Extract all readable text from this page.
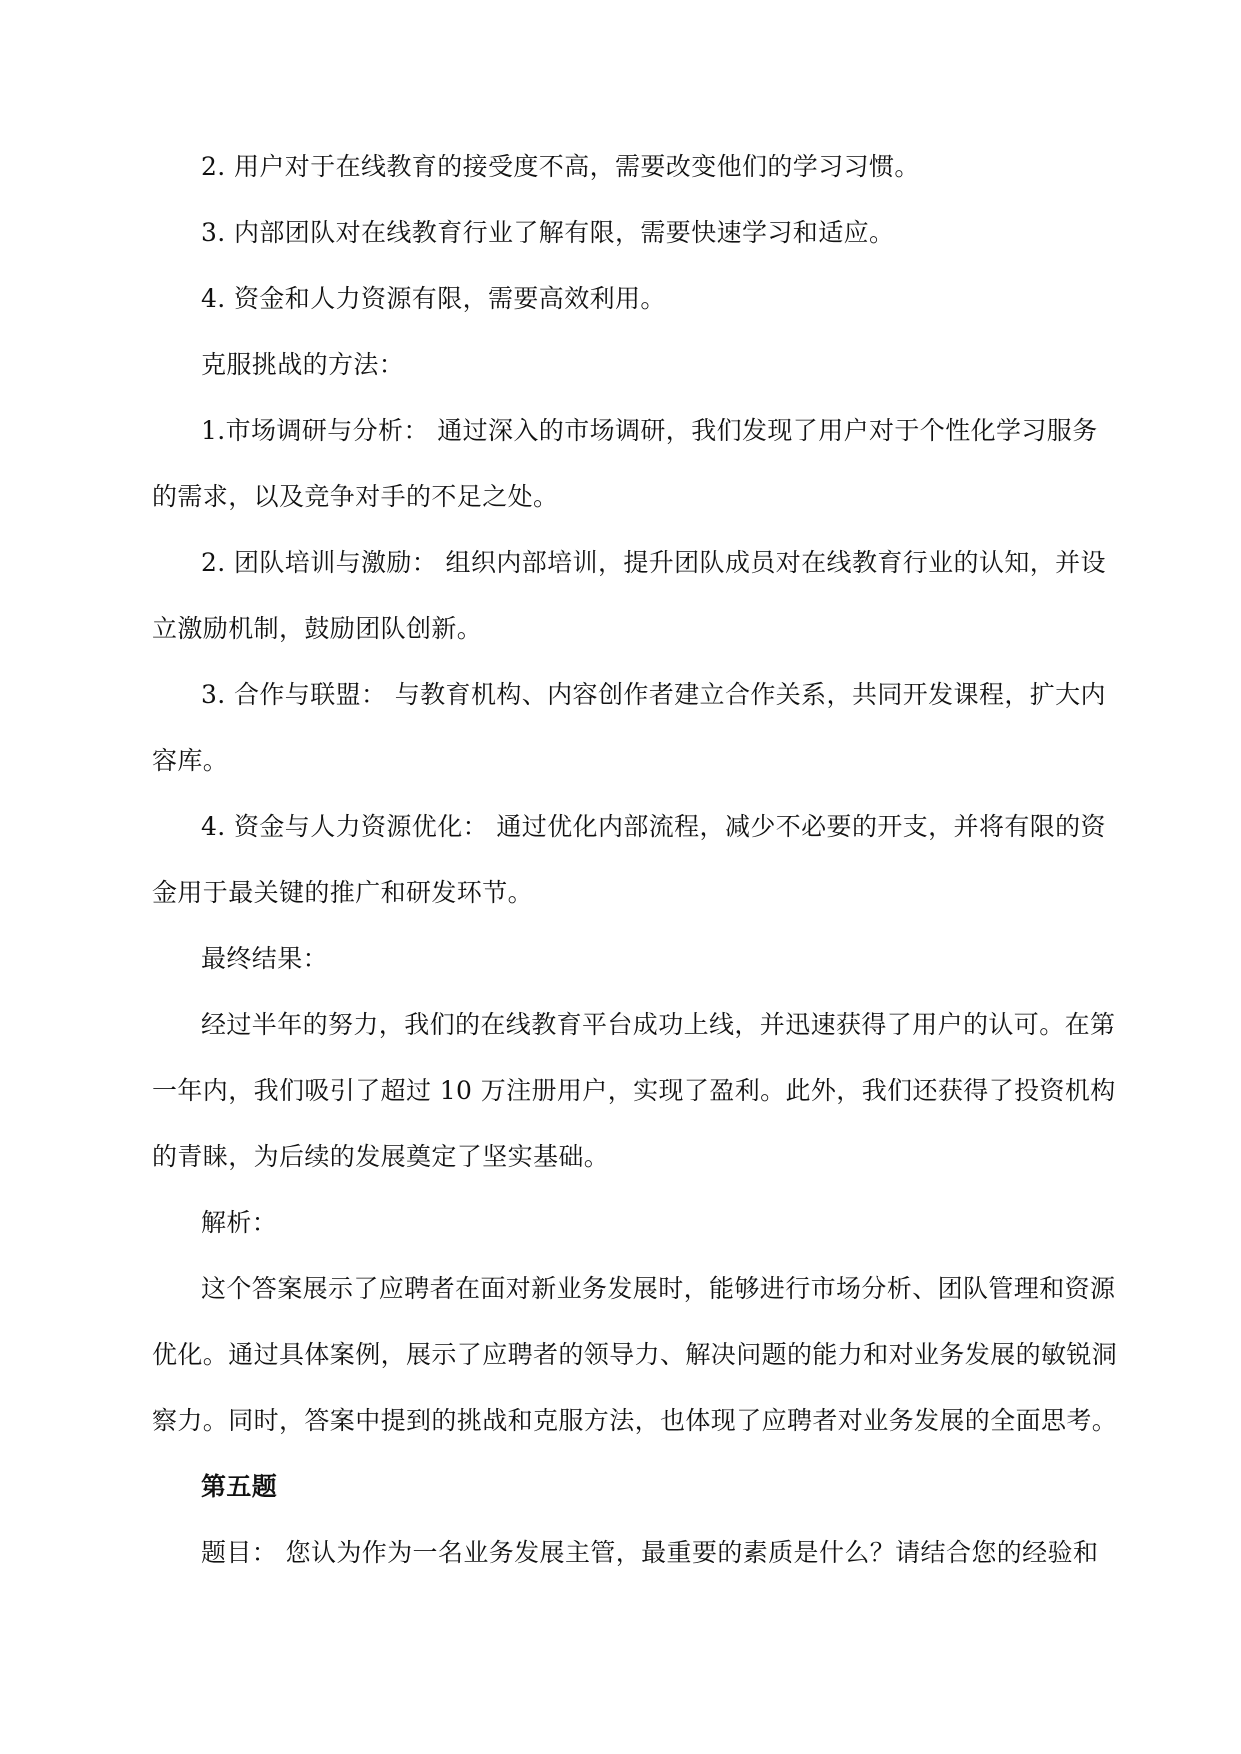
2. 用户对于在线教育的接受度不高，需要改变他们的学习习惯。
3. 内部团队对在线教育行业了解有限，需要快速学习和适应。
4. 资金和人力资源有限，需要高效利用。
克服挑战的方法：
1.市场调研与分析： 通过深入的市场调研，我们发现了用户对于个性化学习服务
的需求，以及竞争对手的不足之处。
2. 团队培训与激励： 组织内部培训，提升团队成员对在线教育行业的认知，并设
立激励机制，鼓励团队创新。
3. 合作与联盟： 与教育机构、内容创作者建立合作关系，共同开发课程，扩大内
容库。
4. 资金与人力资源优化： 通过优化内部流程，减少不必要的开支，并将有限的资
金用于最关键的推广和研发环节。
最终结果：
经过半年的努力，我们的在线教育平台成功上线，并迅速获得了用户的认可。在第
一年内，我们吸引了超过 10 万注册用户，实现了盈利。此外，我们还获得了投资机构
的青睐，为后续的发展奠定了坚实基础。
解析：
这个答案展示了应聘者在面对新业务发展时，能够进行市场分析、团队管理和资源
优化。通过具体案例，展示了应聘者的领导力、解决问题的能力和对业务发展的敏锐洞
察力。同时，答案中提到的挑战和克服方法，也体现了应聘者对业务发展的全面思考。
第五题
题目： 您认为作为一名业务发展主管，最重要的素质是什么？请结合您的经验和
